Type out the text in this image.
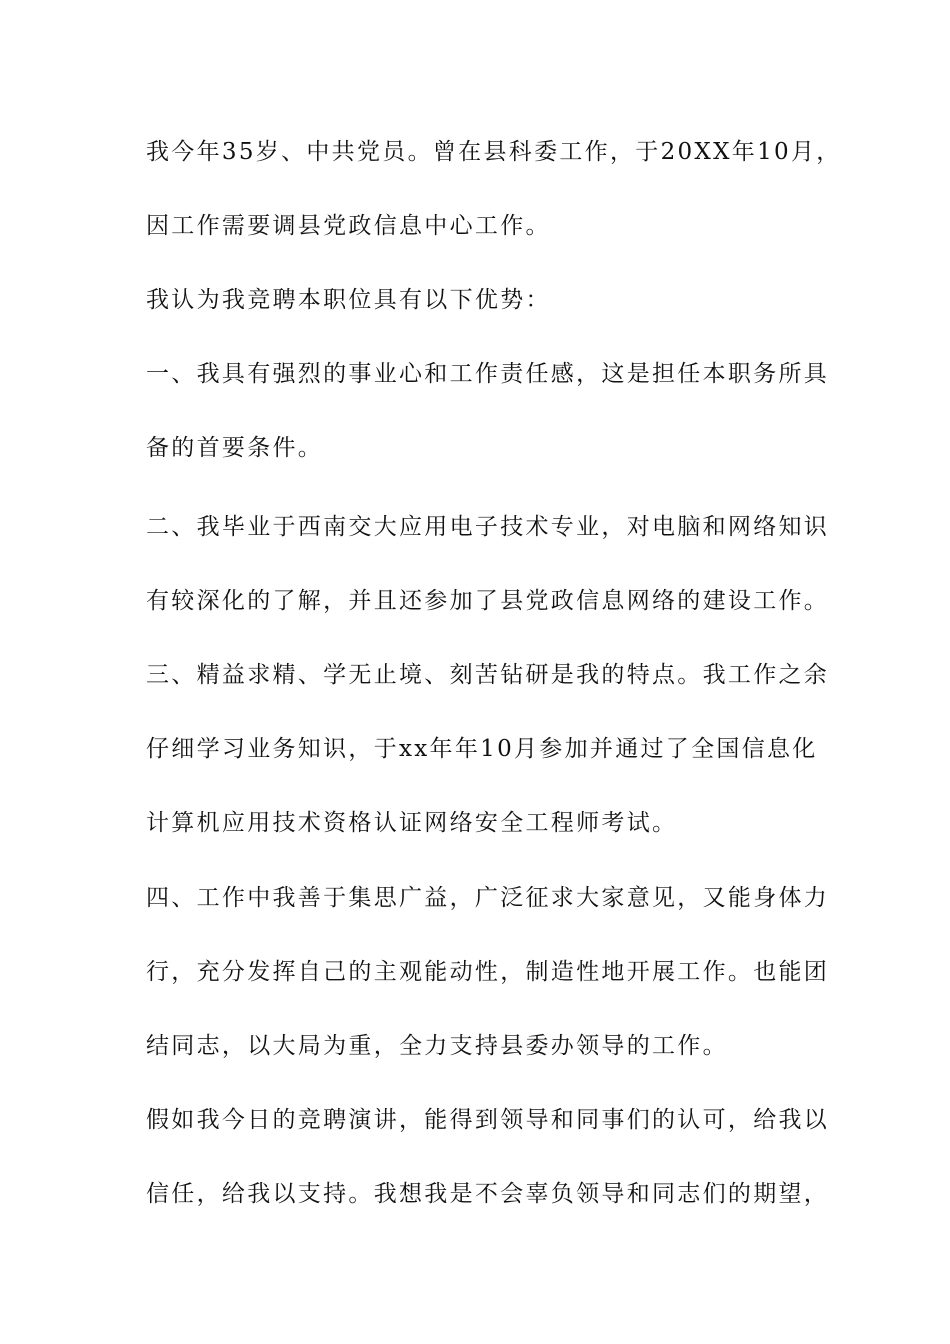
我今年35岁、中共党员。曾在县科委工作，于20XX年10月，
因工作需要调县党政信息中心工作。
我认为我竞聘本职位具有以下优势：
一、我具有强烈的事业心和工作责任感，这是担任本职务所具
备的首要条件。
二、我毕业于西南交大应用电子技术专业，对电脑和网络知识
有较深化的了解，并且还参加了县党政信息网络的建设工作。
三、精益求精、学无止境、刻苦钻研是我的特点。我工作之余
仔细学习业务知识，于xx年年10月参加并通过了全国信息化
计算机应用技术资格认证网络安全工程师考试。
四、工作中我善于集思广益，广泛征求大家意见，又能身体力
行，充分发挥自己的主观能动性，制造性地开展工作。也能团
结同志，以大局为重，全力支持县委办领导的工作。
假如我今日的竞聘演讲，能得到领导和同事们的认可，给我以
信任，给我以支持。我想我是不会辜负领导和同志们的期望，
